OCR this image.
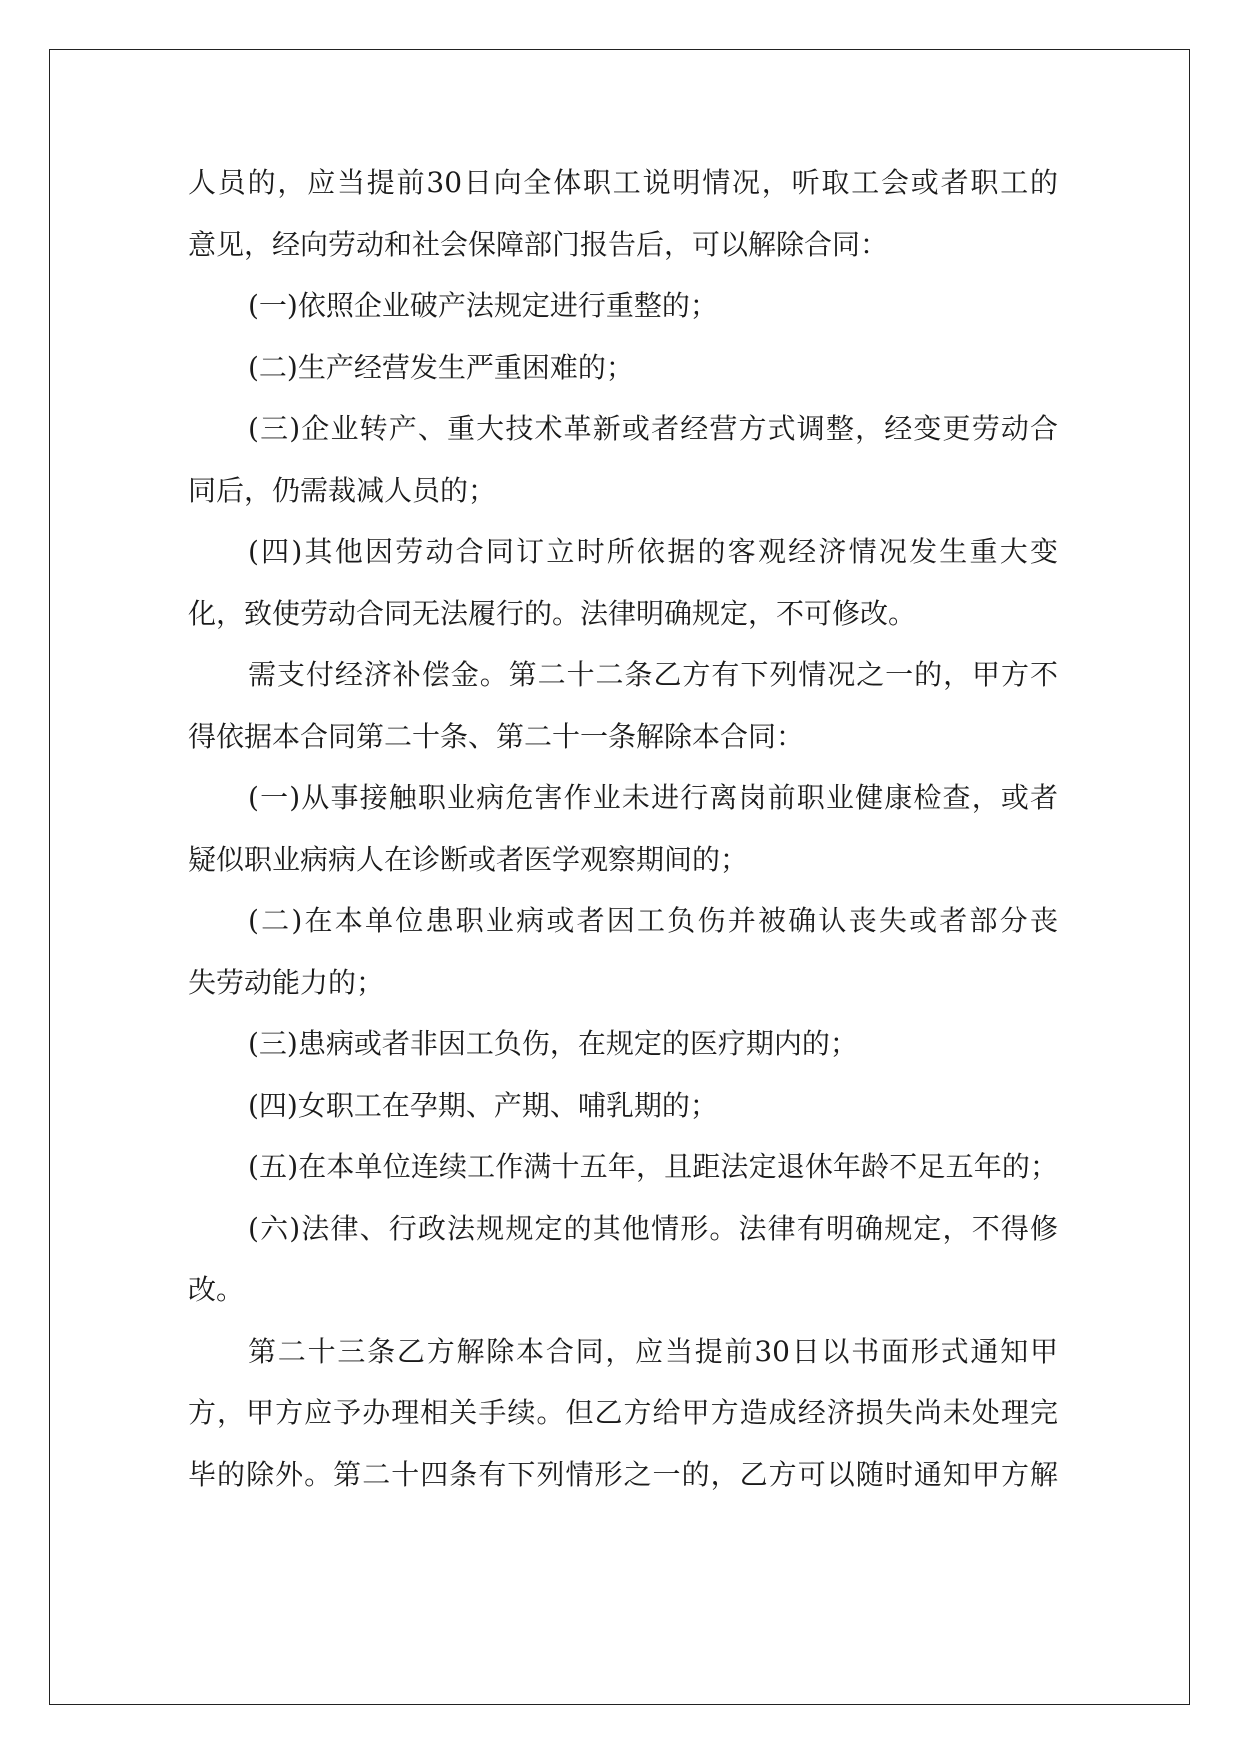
人员的，应当提前30日向全体职工说明情况，听取工会或者职工的
意见，经向劳动和社会保障部门报告后，可以解除合同：
(一)依照企业破产法规定进行重整的；
(二)生产经营发生严重困难的；
(三)企业转产、重大技术革新或者经营方式调整，经变更劳动合
同后，仍需裁减人员的；
(四)其他因劳动合同订立时所依据的客观经济情况发生重大变
化，致使劳动合同无法履行的。法律明确规定，不可修改。
需支付经济补偿金。第二十二条乙方有下列情况之一的，甲方不
得依据本合同第二十条、第二十一条解除本合同：
(一)从事接触职业病危害作业未进行离岗前职业健康检查，或者
疑似职业病病人在诊断或者医学观察期间的；
(二)在本单位患职业病或者因工负伤并被确认丧失或者部分丧
失劳动能力的；
(三)患病或者非因工负伤，在规定的医疗期内的；
(四)女职工在孕期、产期、哺乳期的；
(五)在本单位连续工作满十五年，且距法定退休年龄不足五年的；
(六)法律、行政法规规定的其他情形。法律有明确规定，不得修
改。
第二十三条乙方解除本合同，应当提前30日以书面形式通知甲
方，甲方应予办理相关手续。但乙方给甲方造成经济损失尚未处理完
毕的除外。第二十四条有下列情形之一的，乙方可以随时通知甲方解
